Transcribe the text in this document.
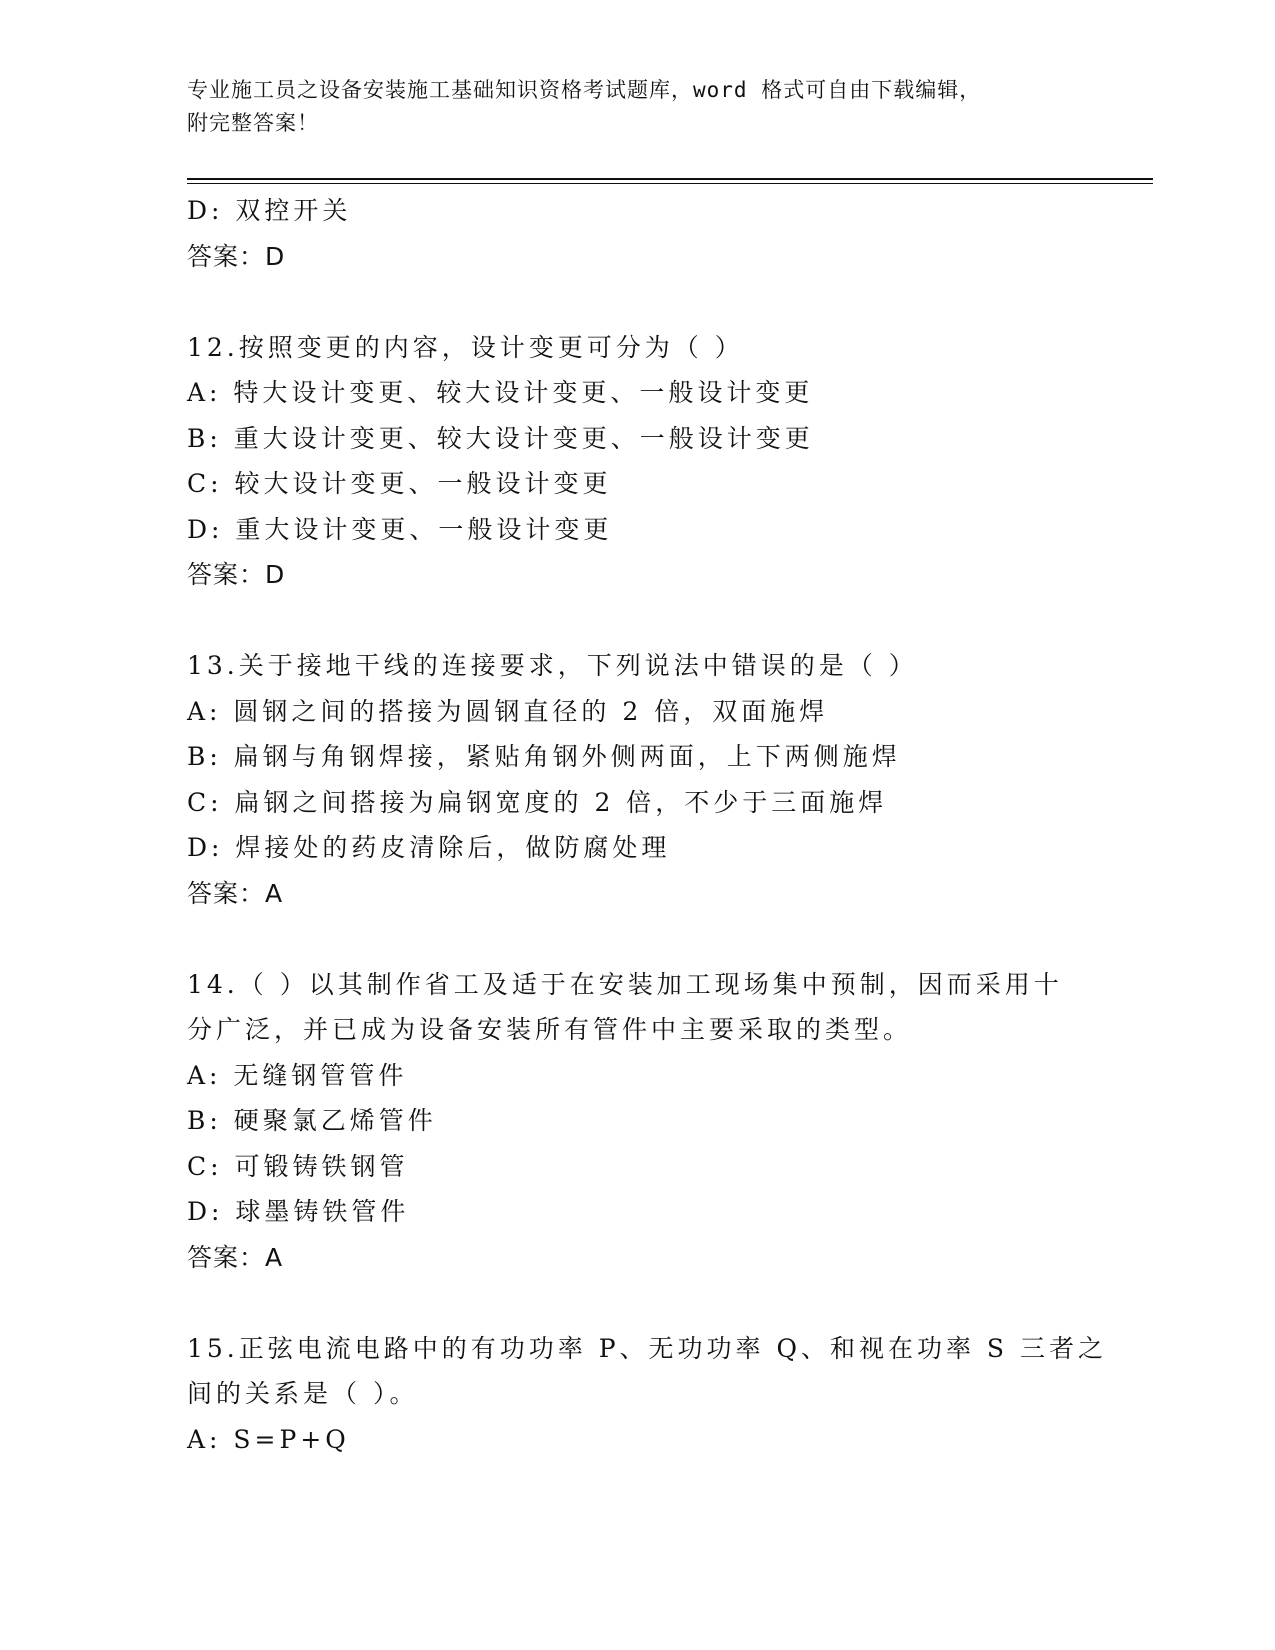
专业施工员之设备安装施工基础知识资格考试题库，word 格式可自由下载编辑，
附完整答案！
D: 双控开关
答案：D
12.按照变更的内容，设计变更可分为（ ）
A: 特大设计变更、较大设计变更、一般设计变更
B: 重大设计变更、较大设计变更、一般设计变更
C: 较大设计变更、一般设计变更
D: 重大设计变更、一般设计变更
答案：D
13.关于接地干线的连接要求，下列说法中错误的是（ ）
A: 圆钢之间的搭接为圆钢直径的 2 倍，双面施焊
B: 扁钢与角钢焊接，紧贴角钢外侧两面，上下两侧施焊
C: 扁钢之间搭接为扁钢宽度的 2 倍，不少于三面施焊
D: 焊接处的药皮清除后，做防腐处理
答案：A
14.（ ）以其制作省工及适于在安装加工现场集中预制，因而采用十
分广泛，并已成为设备安装所有管件中主要采取的类型。
A: 无缝钢管管件
B: 硬聚氯乙烯管件
C: 可锻铸铁钢管
D: 球墨铸铁管件
答案：A
15.正弦电流电路中的有功功率 P、无功功率 Q、和视在功率 S 三者之
间的关系是（ ）。
A: S=P+Q
